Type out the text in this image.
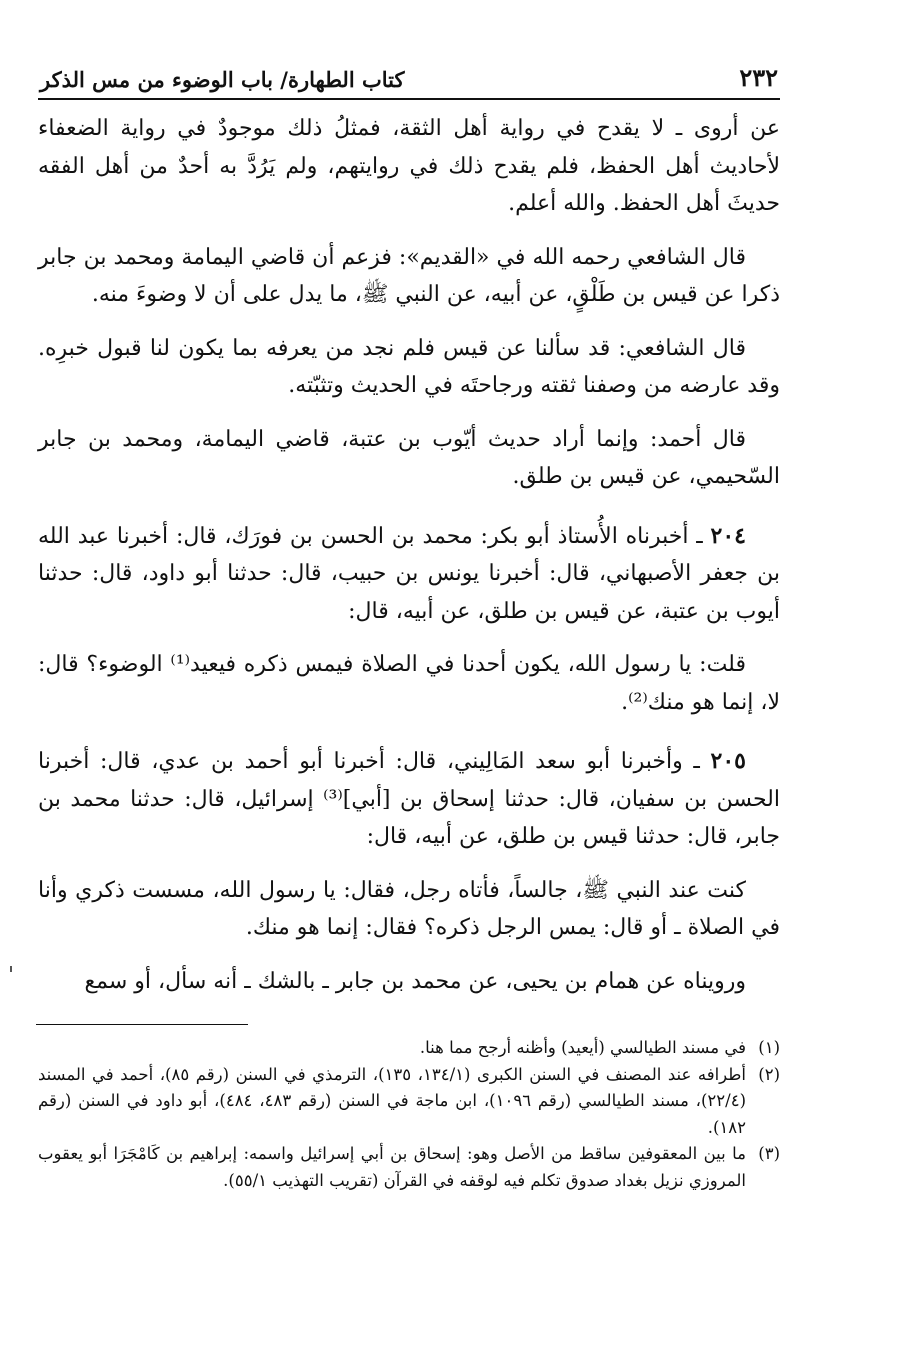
٢٣٢
كتاب الطهارة/ باب الوضوء من مس الذكر

عن أروى ـ لا يقدح في رواية أهل الثقة، فمثلُ ذلك موجودٌ في رواية الضعفاء لأحاديث أهل الحفظ، فلم يقدح ذلك في روايتهم، ولم يَرُدَّ به أحدٌ من أهل الفقه حديثَ أهل الحفظ. والله أعلم.

قال الشافعي رحمه الله في «القديم»: فزعم أن قاضي اليمامة ومحمد بن جابر ذكرا عن قيس بن طَلْقٍ، عن أبيه، عن النبي ﷺ، ما يدل على أن لا وضوءَ منه.

قال الشافعي: قد سألنا عن قيس فلم نجد من يعرفه بما يكون لنا قبول خبرِه. وقد عارضه من وصفنا ثقته ورجاحتَه في الحديث وتثبّته.

قال أحمد: وإنما أراد حديث أيّوب بن عتبة، قاضي اليمامة، ومحمد بن جابر السّحيمي، عن قيس بن طلق.

٢٠٤ ـ أخبرناه الأُستاذ أبو بكر: محمد بن الحسن بن فورَك، قال: أخبرنا عبد الله بن جعفر الأصبهاني، قال: أخبرنا يونس بن حبيب، قال: حدثنا أبو داود، قال: حدثنا أيوب بن عتبة، عن قيس بن طلق، عن أبيه، قال:

قلت: يا رسول الله، يكون أحدنا في الصلاة فيمس ذكره فيعيد⁽¹⁾ الوضوء؟ قال: لا، إنما هو منك⁽²⁾.

٢٠٥ ـ وأخبرنا أبو سعد المَالِيني، قال: أخبرنا أبو أحمد بن عدي، قال: أخبرنا الحسن بن سفيان، قال: حدثنا إسحاق بن [أبي]⁽³⁾ إسرائيل، قال: حدثنا محمد بن جابر، قال: حدثنا قيس بن طلق، عن أبيه، قال:

كنت عند النبي ﷺ، جالساً، فأتاه رجل، فقال: يا رسول الله، مسست ذكري وأنا في الصلاة ـ أو قال: يمس الرجل ذكره؟ فقال: إنما هو منك.

ورويناه عن همام بن يحيى، عن محمد بن جابر ـ بالشك ـ أنه سأل، أو سمع

(١)
في مسند الطيالسي (أيعيد) وأظنه أرجح مما هنا.
(٢)
أطرافه عند المصنف في السنن الكبرى (١٣٤/١، ١٣٥)، الترمذي في السنن (رقم ٨٥)، أحمد في المسند (٢٢/٤)، مسند الطيالسي (رقم ١٠٩٦)، ابن ماجة في السنن (رقم ٤٨٣، ٤٨٤)، أبو داود في السنن (رقم ١٨٢).
(٣)
ما بين المعقوفين ساقط من الأصل وهو: إسحاق بن أبي إسرائيل واسمه: إبراهيم بن كَامْجَرَا أبو يعقوب المروزي نزيل بغداد صدوق تكلم فيه لوقفه في القرآن (تقريب التهذيب ٥٥/١).
